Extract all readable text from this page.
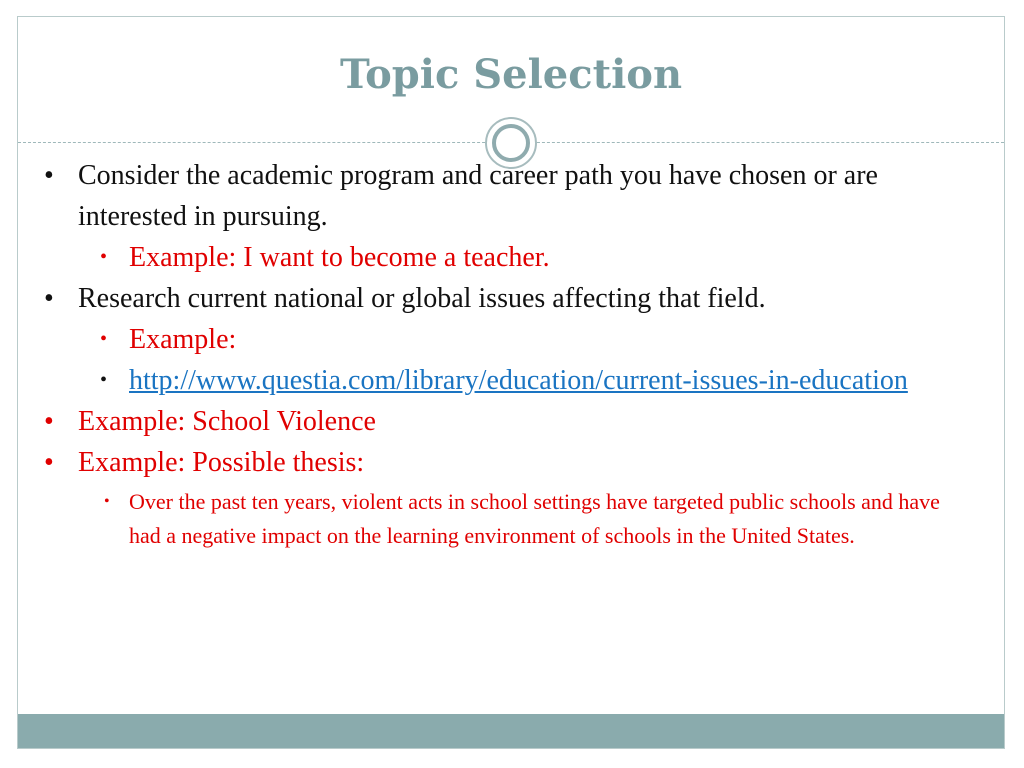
Topic Selection

• Consider the academic program and career path you have chosen or are interested in pursuing.

• Example: I want to become a teacher.

• Research current national or global issues affecting that field.

• Example:

• http://www.questia.com/library/education/current-issues-in-education

• Example: School Violence

• Example: Possible thesis:

• Over the past ten years, violent acts in school settings have targeted public schools and have had a negative impact on the learning environment of schools in the United States.
